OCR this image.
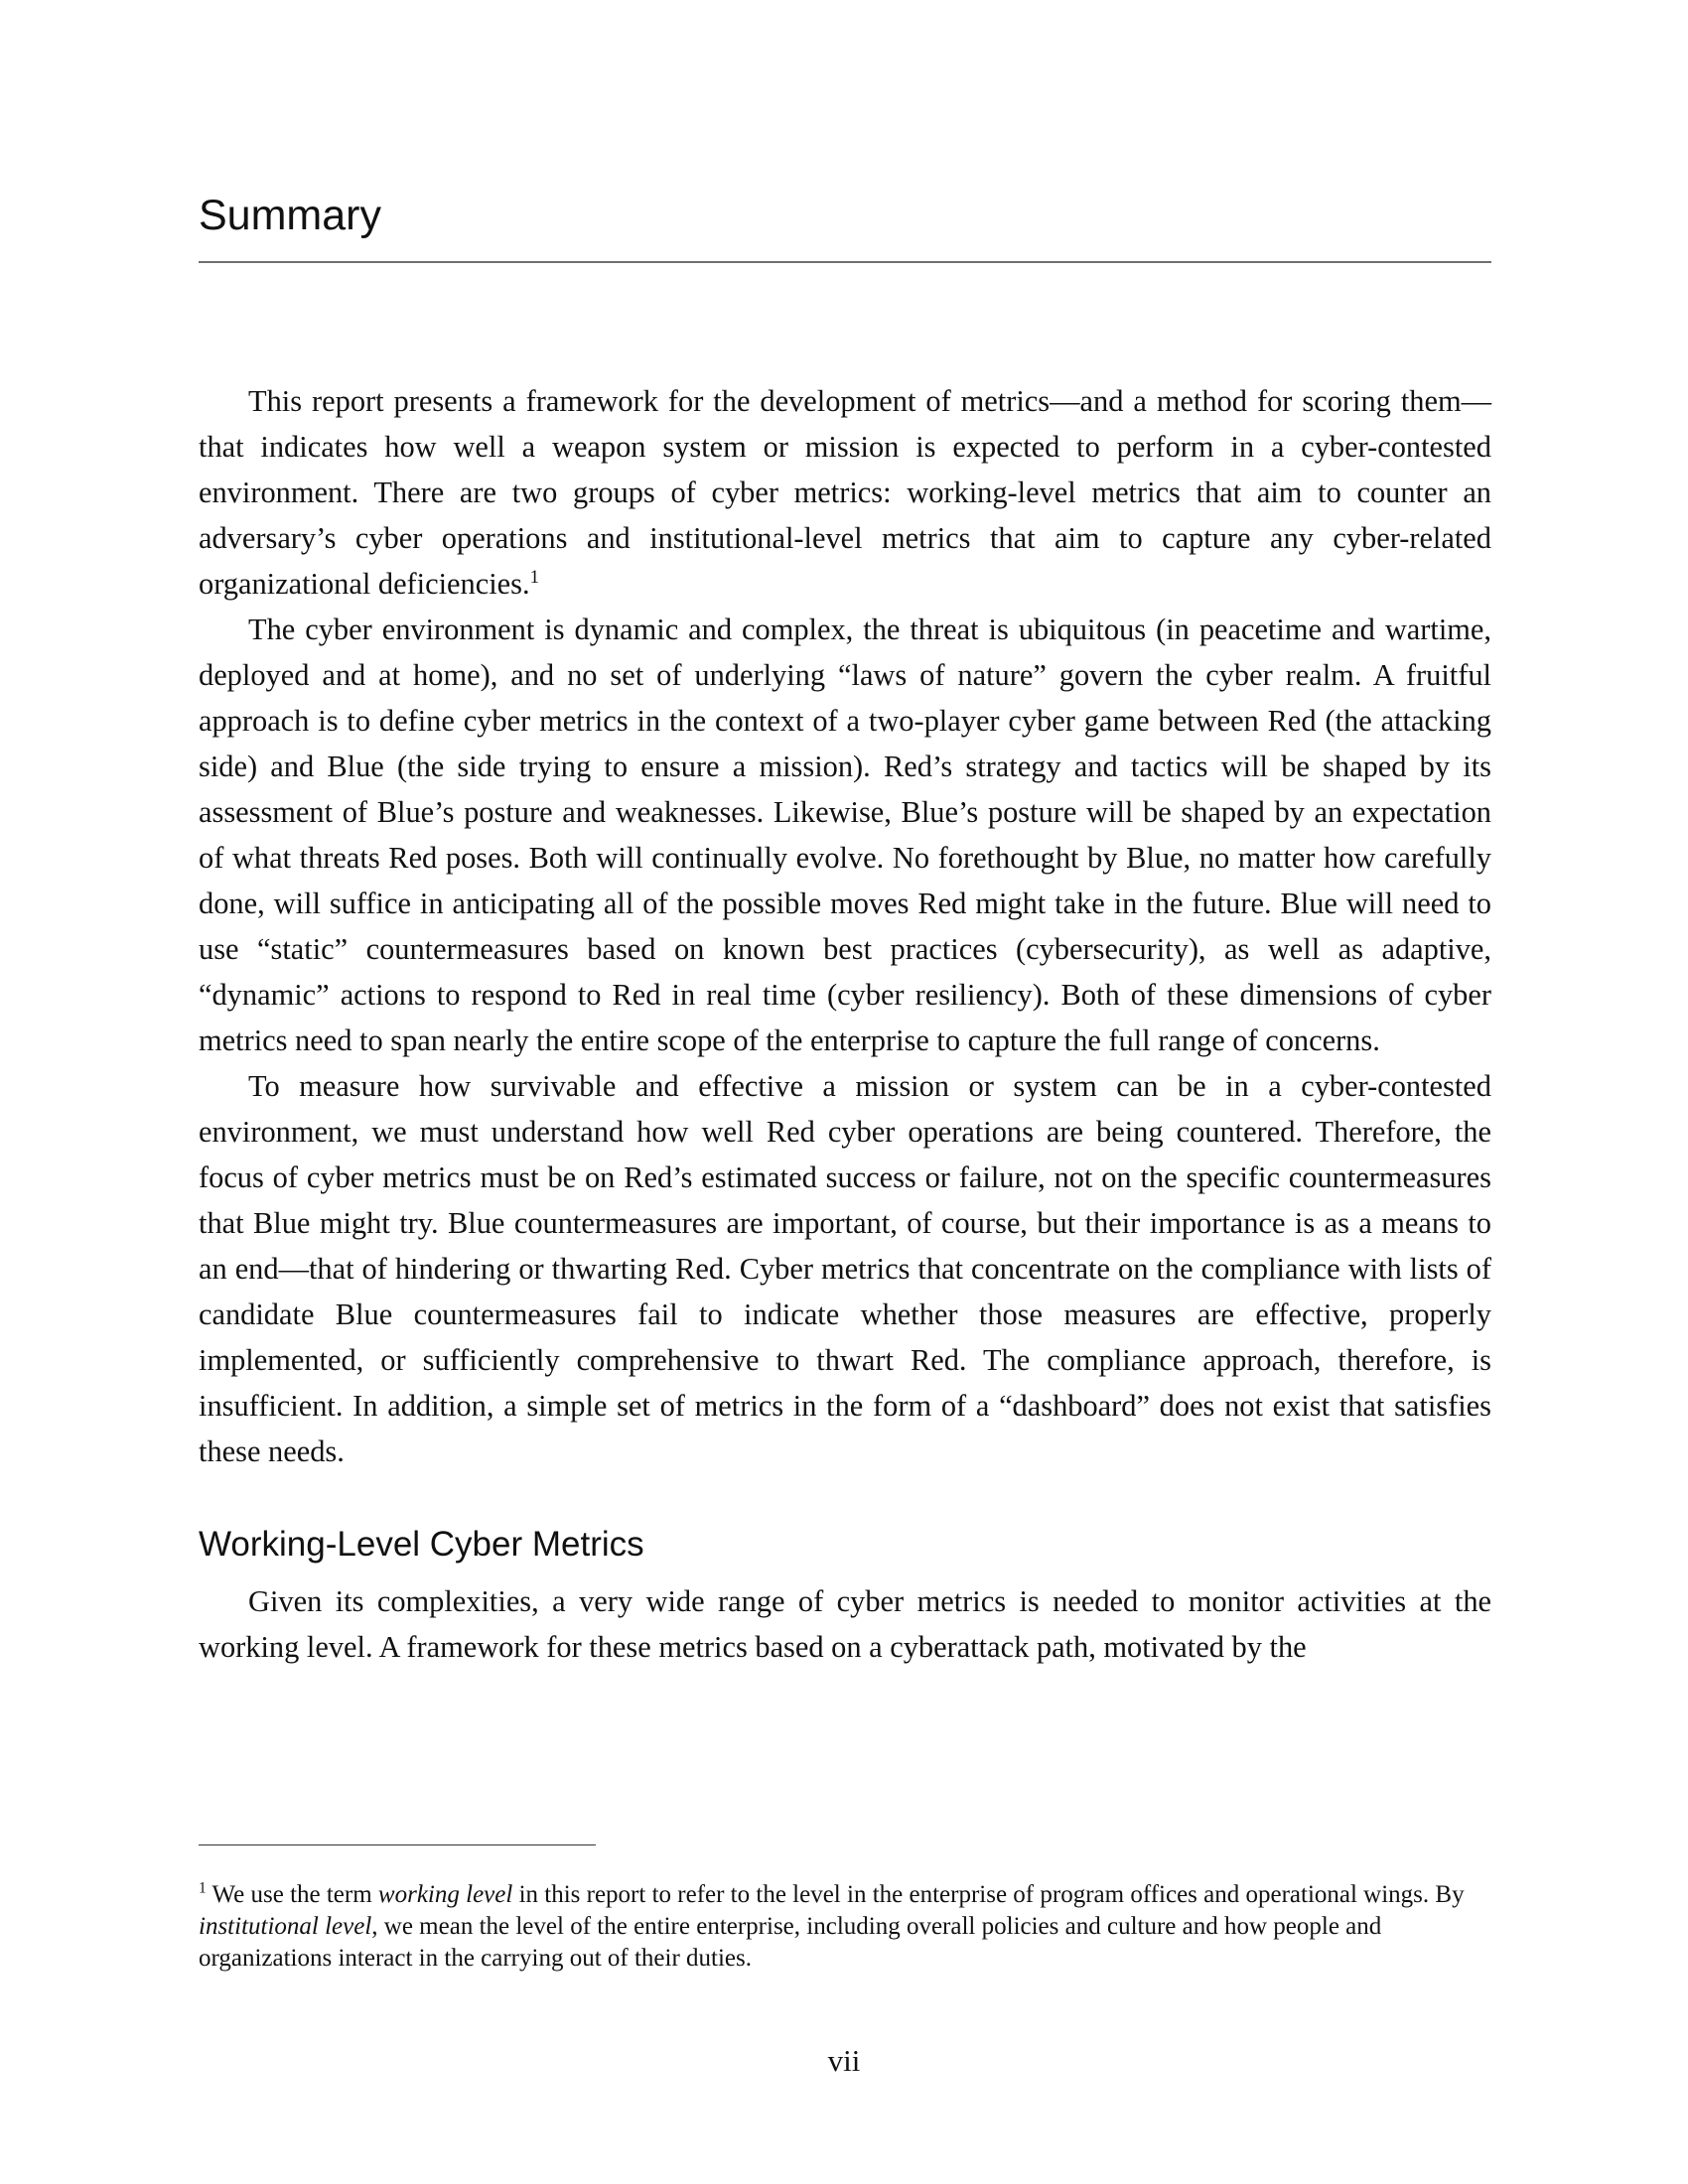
Summary

This report presents a framework for the development of metrics—and a method for scoring them—that indicates how well a weapon system or mission is expected to perform in a cyber-contested environment. There are two groups of cyber metrics: working-level metrics that aim to counter an adversary’s cyber operations and institutional-level metrics that aim to capture any cyber-related organizational deficiencies.$^1$

The cyber environment is dynamic and complex, the threat is ubiquitous (in peacetime and wartime, deployed and at home), and no set of underlying “laws of nature” govern the cyber realm. A fruitful approach is to define cyber metrics in the context of a two-player cyber game between Red (the attacking side) and Blue (the side trying to ensure a mission). Red’s strategy and tactics will be shaped by its assessment of Blue’s posture and weaknesses. Likewise, Blue’s posture will be shaped by an expectation of what threats Red poses. Both will continually evolve. No forethought by Blue, no matter how carefully done, will suffice in anticipating all of the possible moves Red might take in the future. Blue will need to use “static” countermeasures based on known best practices (cybersecurity), as well as adaptive, “dynamic” actions to respond to Red in real time (cyber resiliency). Both of these dimensions of cyber metrics need to span nearly the entire scope of the enterprise to capture the full range of concerns.

To measure how survivable and effective a mission or system can be in a cyber-contested environment, we must understand how well Red cyber operations are being countered. Therefore, the focus of cyber metrics must be on Red’s estimated success or failure, not on the specific countermeasures that Blue might try. Blue countermeasures are important, of course, but their importance is as a means to an end—that of hindering or thwarting Red. Cyber metrics that concentrate on the compliance with lists of candidate Blue countermeasures fail to indicate whether those measures are effective, properly implemented, or sufficiently comprehensive to thwart Red. The compliance approach, therefore, is insufficient. In addition, a simple set of metrics in the form of a “dashboard” does not exist that satisfies these needs.

Working-Level Cyber Metrics

Given its complexities, a very wide range of cyber metrics is needed to monitor activities at the working level. A framework for these metrics based on a cyberattack path, motivated by the

$^1$ We use the term working level in this report to refer to the level in the enterprise of program offices and operational wings. By institutional level, we mean the level of the entire enterprise, including overall policies and culture and how people and organizations interact in the carrying out of their duties.

vii
